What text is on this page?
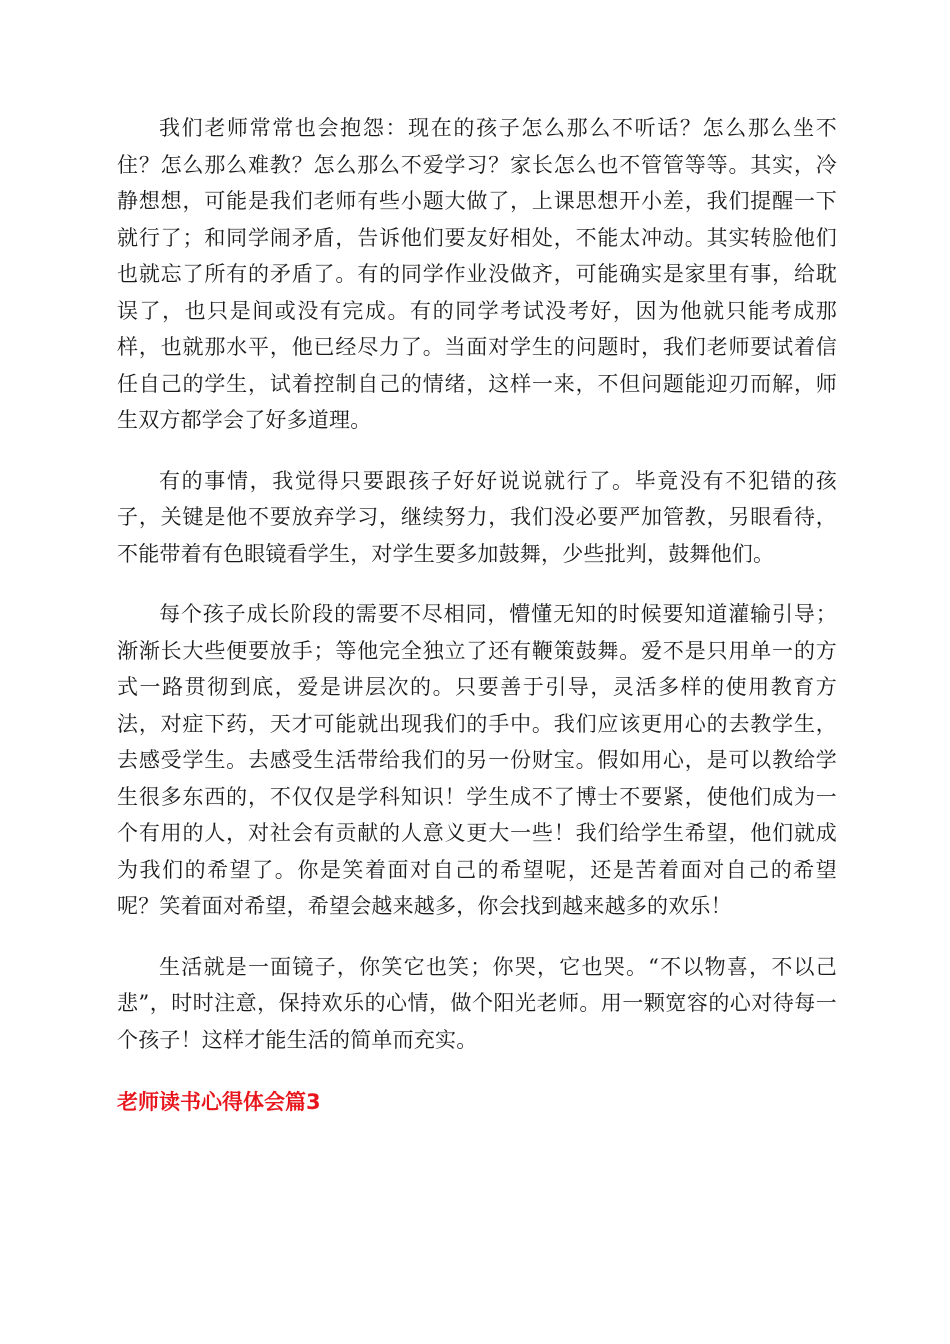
我们老师常常也会抱怨：现在的孩子怎么那么不听话？怎么那么坐不住？怎么那么难教？怎么那么不爱学习？家长怎么也不管管等等。其实，冷静想想，可能是我们老师有些小题大做了，上课思想开小差，我们提醒一下就行了；和同学闹矛盾，告诉他们要友好相处，不能太冲动。其实转脸他们也就忘了所有的矛盾了。有的同学作业没做齐，可能确实是家里有事，给耽误了，也只是间或没有完成。有的同学考试没考好，因为他就只能考成那样，也就那水平，他已经尽力了。当面对学生的问题时，我们老师要试着信任自己的学生，试着控制自己的情绪，这样一来，不但问题能迎刃而解，师生双方都学会了好多道理。

有的事情，我觉得只要跟孩子好好说说就行了。毕竟没有不犯错的孩子，关键是他不要放弃学习，继续努力，我们没必要严加管教，另眼看待，不能带着有色眼镜看学生，对学生要多加鼓舞，少些批判，鼓舞他们。

每个孩子成长阶段的需要不尽相同，懵懂无知的时候要知道灌输引导；渐渐长大些便要放手；等他完全独立了还有鞭策鼓舞。爱不是只用单一的方式一路贯彻到底，爱是讲层次的。只要善于引导，灵活多样的使用教育方法，对症下药，天才可能就出现我们的手中。我们应该更用心的去教学生，去感受学生。去感受生活带给我们的另一份财宝。假如用心，是可以教给学生很多东西的，不仅仅是学科知识！学生成不了博士不要紧，使他们成为一个有用的人，对社会有贡献的人意义更大一些！我们给学生希望，他们就成为我们的希望了。你是笑着面对自己的希望呢，还是苦着面对自己的希望呢？笑着面对希望，希望会越来越多，你会找到越来越多的欢乐！

生活就是一面镜子，你笑它也笑；你哭，它也哭。“不以物喜，不以己悲”，时时注意，保持欢乐的心情，做个阳光老师。用一颗宽容的心对待每一个孩子！这样才能生活的简单而充实。

老师读书心得体会篇3
